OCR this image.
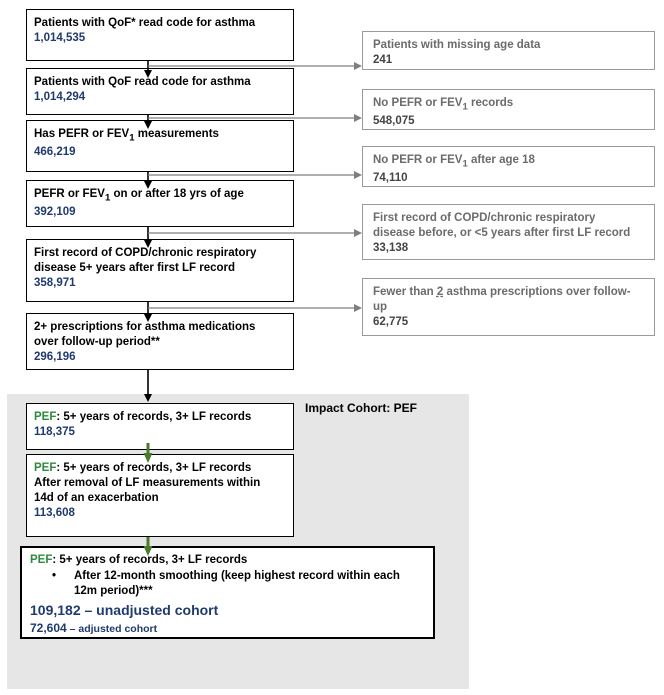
Impact Cohort: PEF
Patients with QoF* read code for asthma
1,014,535
Patients with QoF read code for asthma
1,014,294
Has PEFR or $FEV_1$ measurements
466,219
PEFR or $FEV_1$ on or after 18 yrs of age
392,109
First record of COPD/chronic respiratory
disease 5+ years after first LF record
358,971
2+ prescriptions for asthma medications
over follow-up period**
296,196
Patients with missing age data
241
No PEFR or $FEV_1$ records
548,075
No PEFR or $FEV_1$ after age 18
74,110
First record of COPD/chronic respiratory
disease before, or <5 years after first LF record
33,138
Fewer than 2 asthma prescriptions over follow-
up
62,775
PEF: 5+ years of records, 3+ LF records
118,375
PEF: 5+ years of records, 3+ LF records
After removal of LF measurements within
14d of an exacerbation
113,608
PEF: 5+ years of records, 3+ LF records
•	After 12-month smoothing (keep highest record within each
12m period)***
109,182 – unadjusted cohort
72,604 – adjusted cohort
